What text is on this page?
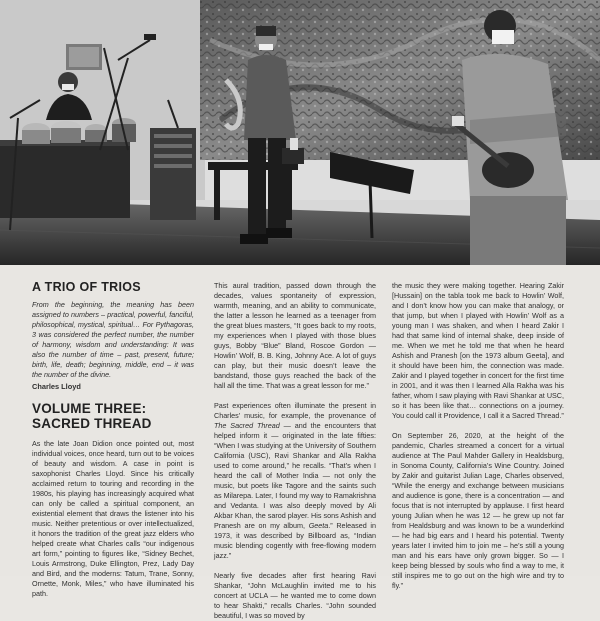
A TRIO OF TRIOS

From the beginning, the meaning has been assigned to numbers – practical, powerful, fanciful, philosophical, mystical, spiritual… For Pythagoras, 3 was considered the perfect number, the number of harmony, wisdom and understanding: It was also the number of time – past, present, future; birth, life, death; beginning, middle, end – it was the number of the divine.

Charles Lloyd

VOLUME THREE:
SACRED THREAD

As the late Joan Didion once pointed out, most individual voices, once heard, turn out to be voices of beauty and wisdom. A case in point is saxophonist Charles Lloyd. Since his critically acclaimed return to touring and recording in the 1980s, his playing has increasingly acquired what can only be called a spiritual component, an existential element that draws the listener into his music. Neither pretentious or over intellectualized, it honors the tradition of the great jazz elders who helped create what Charles calls “our indigenous art form,” pointing to figures like, “Sidney Bechet, Louis Armstrong, Duke Ellington, Prez, Lady Day and Bird, and the moderns: Tatum, Trane, Sonny, Ornette, Monk, Miles,” who have illuminated his path.

This aural tradition, passed down through the decades, values spontaneity of expression, warmth, meaning, and an ability to communicate, the latter a lesson he learned as a teenager from the great blues masters, “It goes back to my roots, my experiences when I played with those blues guys, Bobby “Blue” Bland, Roscoe Gordon — Howlin’ Wolf, B. B. King, Johnny Ace. A lot of guys can play, but their music doesn’t leave the bandstand, those guys reached the back of the hall all the time. That was a great lesson for me.”

Past experiences often illuminate the present in Charles’ music, for example, the provenance of The Sacred Thread — and the encounters that helped inform it — originated in the late fifties: “When I was studying at the University of Southern California (USC), Ravi Shankar and Alla Rakha used to come around,” he recalls. “That’s when I heard the call of Mother India — not only the music, but poets like Tagore and the saints such as Milarepa. Later, I found my way to Ramakrishna and Vedanta. I was also deeply moved by Ali Akbar Khan, the sarod player. His sons Ashish and Pranesh are on my album, Geeta.” Released in 1973, it was described by Billboard as, “Indian music blending cogently with free-flowing modern jazz.”

Nearly five decades after first hearing Ravi Shankar, “John McLaughlin invited me to his concert at UCLA — he wanted me to come down to hear Shakti,” recalls Charles. “John sounded beautiful, I was so moved by

the music they were making together. Hearing Zakir [Hussain] on the tabla took me back to Howlin’ Wolf, and I don’t know how you can make that analogy, or that jump, but when I played with Howlin’ Wolf as a young man I was shaken, and when I heard Zakir I had that same kind of internal shake, deep inside of me. When we met he told me that when he heard Ashish and Pranesh [on the 1973 album Geeta], and it should have been him, the connection was made. Zakir and I played together in concert for the first time in 2001, and it was then I learned Alla Rakha was his father, whom I saw playing with Ravi Shankar at USC, so it has been like that… connections on a journey. You could call it Providence, I call it a Sacred Thread.”

On September 26, 2020, at the height of the pandemic, Charles streamed a concert for a virtual audience at The Paul Mahder Gallery in Healdsburg, in Sonoma County, California’s Wine Country. Joined by Zakir and guitarist Julian Lage, Charles observed, “While the energy and exchange between musicians and audience is gone, there is a concentration — and focus that is not interrupted by applause. I first heard young Julian when he was 12 — he grew up not far from Healdsburg and was known to be a wunderkind — he had big ears and I heard his potential. Twenty years later I invited him to join me – he’s still a young man and his ears have only grown bigger. So — I keep being blessed by souls who find a way to me, it still inspires me to go out on the high wire and try to fly.”
